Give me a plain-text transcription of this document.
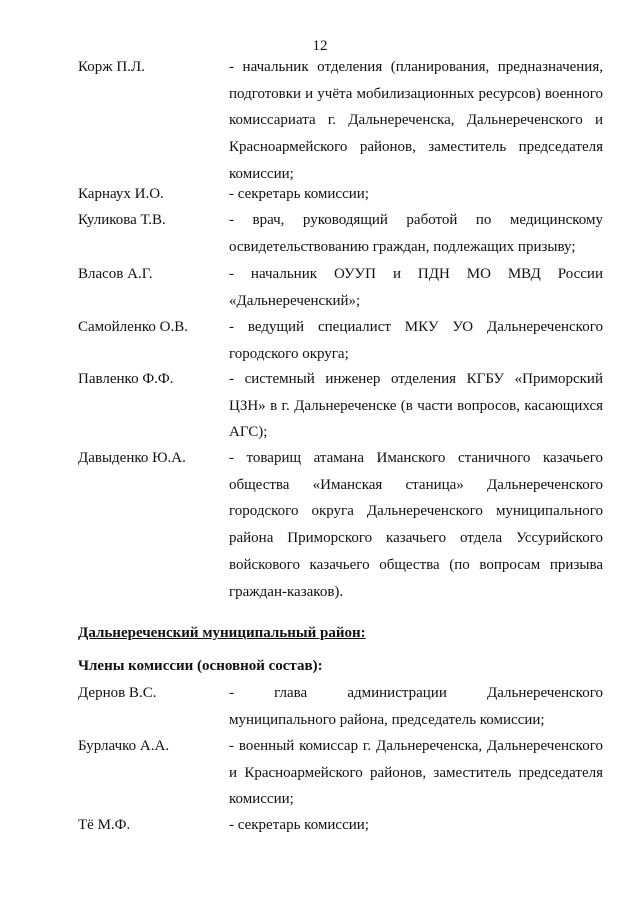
12
Корж П.Л.	- начальник отделения (планирования, предназначения, подготовки и учёта мобилизационных ресурсов) военного комиссариата г. Дальнереченска, Дальнереченского и Красноармейского районов, заместитель председателя комиссии;
Карнаух И.О.	- секретарь комиссии;
Куликова Т.В.	- врач, руководящий работой по медицинскому освидетельствованию граждан, подлежащих призыву;
Власов А.Г.	- начальник ОУУП и ПДН МО МВД России «Дальнереченский»;
Самойленко О.В.	- ведущий специалист МКУ УО Дальнереченского городского округа;
Павленко Ф.Ф.	- системный инженер отделения КГБУ «Приморский ЦЗН» в г. Дальнереченске (в части вопросов, касающихся АГС);
Давыденко Ю.А.	- товарищ атамана Иманского станичного казачьего общества «Иманская станица» Дальнереченского городского округа Дальнереченского муниципального района Приморского казачьего отдела Уссурийского войскового казачьего общества (по вопросам призыва граждан-казаков).
Дальнереченский муниципальный район:
Члены комиссии (основной состав):
Дернов В.С.	- глава администрации Дальнереченского муниципального района, председатель комиссии;
Бурлачко А.А.	- военный комиссар г. Дальнереченска, Дальнереченского и Красноармейского районов, заместитель председателя комиссии;
Тё М.Ф.	- секретарь комиссии;
